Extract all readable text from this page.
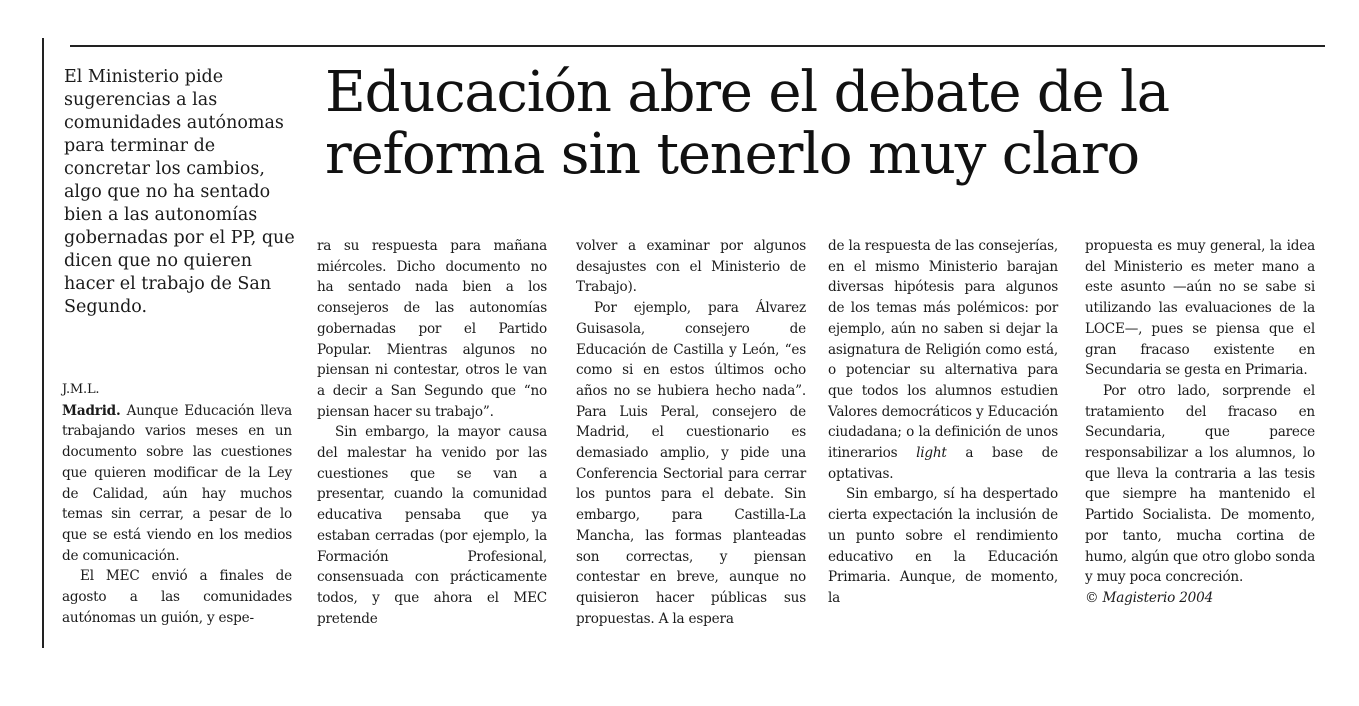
Educación abre el debate de la
reforma sin tenerlo muy claro

El Ministerio pide sugerencias a las comunidades autónomas para terminar de concretar los cambios, algo que no ha sentado bien a las autonomías gobernadas por el PP, que dicen que no quieren hacer el trabajo de San Segundo.

J.M.L.

Madrid. Aunque Educación lleva trabajando varios meses en un documento sobre las cuestiones que quieren modificar de la Ley de Calidad, aún hay muchos temas sin cerrar, a pesar de lo que se está viendo en los medios de comunicación.

El MEC envió a finales de agosto a las comunidades autónomas un guión, y espe-

ra su respuesta para mañana miércoles. Dicho documento no ha sentado nada bien a los consejeros de las autonomías gobernadas por el Partido Popular. Mientras algunos no piensan ni contestar, otros le van a decir a San Segundo que “no piensan hacer su trabajo”.

Sin embargo, la mayor causa del malestar ha venido por las cuestiones que se van a presentar, cuando la comunidad educativa pensaba que ya estaban cerradas (por ejemplo, la Formación Profesional, consensuada con prácticamente todos, y que ahora el MEC pretende

volver a examinar por algunos desajustes con el Ministerio de Trabajo).

Por ejemplo, para Álvarez Guisasola, consejero de Educación de Castilla y León, “es como si en estos últimos ocho años no se hubiera hecho nada”. Para Luis Peral, consejero de Madrid, el cuestionario es demasiado amplio, y pide una Conferencia Sectorial para cerrar los puntos para el debate. Sin embargo, para Castilla-La Mancha, las formas planteadas son correctas, y piensan contestar en breve, aunque no quisieron hacer públicas sus propuestas. A la espera

de la respuesta de las consejerías, en el mismo Ministerio barajan diversas hipótesis para algunos de los temas más polémicos: por ejemplo, aún no saben si dejar la asignatura de Religión como está, o potenciar su alternativa para que todos los alumnos estudien Valores democráticos y Educación ciudadana; o la definición de unos itinerarios light a base de optativas.

Sin embargo, sí ha despertado cierta expectación la inclusión de un punto sobre el rendimiento educativo en la Educación Primaria. Aunque, de momento, la

propuesta es muy general, la idea del Ministerio es meter mano a este asunto —aún no se sabe si utilizando las evaluaciones de la LOCE—, pues se piensa que el gran fracaso existente en Secundaria se gesta en Primaria.

Por otro lado, sorprende el tratamiento del fracaso en Secundaria, que parece responsabilizar a los alumnos, lo que lleva la contraria a las tesis que siempre ha mantenido el Partido Socialista. De momento, por tanto, mucha cortina de humo, algún que otro globo sonda y muy poca concreción.

© Magisterio 2004
